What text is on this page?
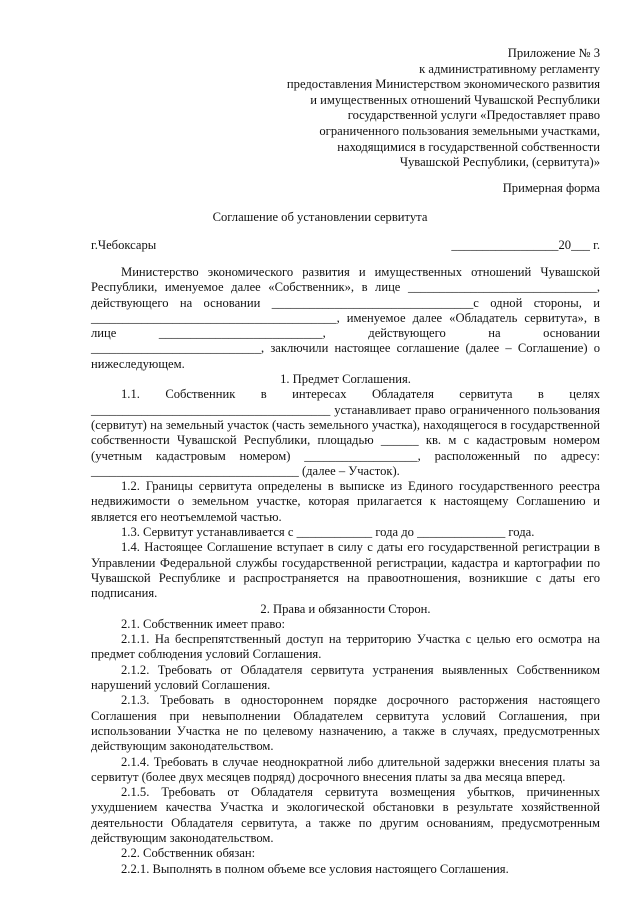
Приложение № 3
к административному регламенту
предоставления Министерством экономического развития
и имущественных отношений Чувашской Республики
государственной услуги «Предоставляет право
ограниченного пользования земельными участками,
находящимися в государственной собственности
Чувашской Республики, (сервитута)»
Примерная форма
Соглашение об установлении сервитута
г.Чебоксары	_________________20___ г.

Министерство экономического развития и имущественных отношений Чувашской Республики, именуемое далее «Собственник», в лице ______________________________, действующего на основании ________________________________с одной стороны, и _______________________________________, именуемое далее «Обладатель сервитута», в лице __________________________, действующего на основании ___________________________, заключили настоящее соглашение (далее – Соглашение) о нижеследующем.

1. Предмет Соглашения.

1.1. Собственник в интересах Обладателя сервитута в целях ______________________________________ устанавливает право ограниченного пользования (сервитут) на земельный участок (часть земельного участка), находящегося в государственной собственности Чувашской Республики, площадью ______ кв. м с кадастровым номером (учетным кадастровым номером) __________________, расположенный по адресу: _________________________________ (далее – Участок).

1.2. Границы сервитута определены в выписке из Единого государственного реестра недвижимости о земельном участке, которая прилагается к настоящему Соглашению и является его неотъемлемой частью.

1.3. Сервитут устанавливается с ____________ года до ______________ года.

1.4. Настоящее Соглашение вступает в силу с даты его государственной регистрации в Управлении Федеральной службы государственной регистрации, кадастра и картографии по Чувашской Республике и распространяется на правоотношения, возникшие с даты его подписания.

2. Права и обязанности Сторон.

2.1. Собственник имеет право:

2.1.1. На беспрепятственный доступ на территорию Участка с целью его осмотра на предмет соблюдения условий Соглашения.

2.1.2. Требовать от Обладателя сервитута устранения выявленных Собственником нарушений условий Соглашения.

2.1.3. Требовать в одностороннем порядке досрочного расторжения настоящего Соглашения при невыполнении Обладателем сервитута условий Соглашения, при использовании Участка не по целевому назначению, а также в случаях, предусмотренных действующим законодательством.

2.1.4. Требовать в случае неоднократной либо длительной задержки внесения платы за сервитут (более двух месяцев подряд) досрочного внесения платы за два месяца вперед.

2.1.5. Требовать от Обладателя сервитута возмещения убытков, причиненных ухудшением качества Участка и экологической обстановки в результате хозяйственной деятельности Обладателя сервитута, а также по другим основаниям, предусмотренным действующим законодательством.

2.2. Собственник обязан:

2.2.1. Выполнять в полном объеме все условия настоящего Соглашения.
